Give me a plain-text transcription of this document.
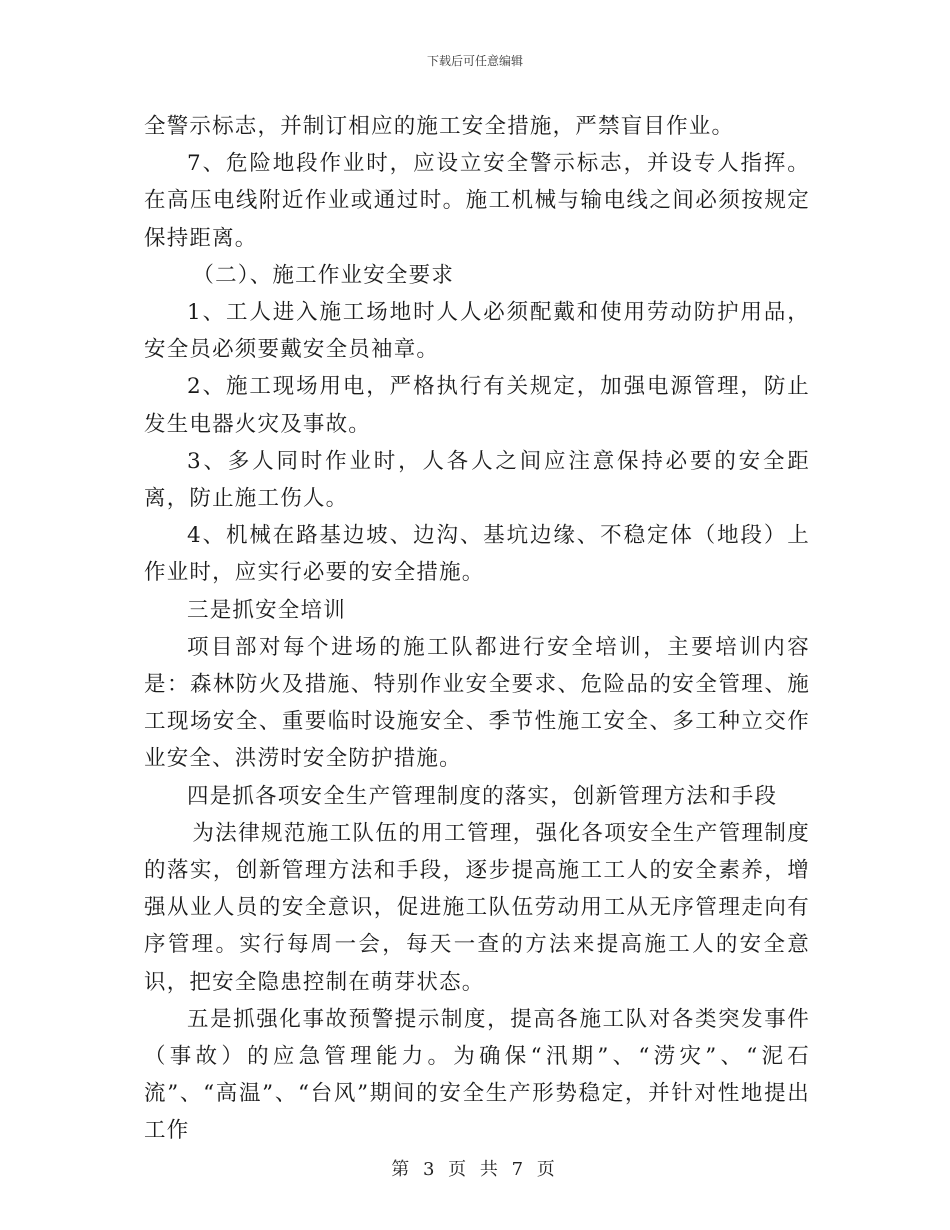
下载后可任意编辑

全警示标志，并制订相应的施工安全措施，严禁盲目作业。

7、危险地段作业时，应设立安全警示标志，并设专人指挥。在高压电线附近作业或通过时。施工机械与输电线之间必须按规定保持距离。

（二）、施工作业安全要求

1、工人进入施工场地时人人必须配戴和使用劳动防护用品，安全员必须要戴安全员袖章。

2、施工现场用电，严格执行有关规定，加强电源管理，防止发生电器火灾及事故。

3、多人同时作业时，人各人之间应注意保持必要的安全距离，防止施工伤人。

4、机械在路基边坡、边沟、基坑边缘、不稳定体（地段）上作业时，应实行必要的安全措施。

三是抓安全培训

项目部对每个进场的施工队都进行安全培训，主要培训内容是：森林防火及措施、特别作业安全要求、危险品的安全管理、施工现场安全、重要临时设施安全、季节性施工安全、多工种立交作业安全、洪涝时安全防护措施。

四是抓各项安全生产管理制度的落实，创新管理方法和手段

为法律规范施工队伍的用工管理，强化各项安全生产管理制度的落实，创新管理方法和手段，逐步提高施工工人的安全素养，增强从业人员的安全意识，促进施工队伍劳动用工从无序管理走向有序管理。实行每周一会，每天一查的方法来提高施工人的安全意识，把安全隐患控制在萌芽状态。

五是抓强化事故预警提示制度，提高各施工队对各类突发事件（事故）的应急管理能力。为确保“汛期”、“涝灾”、“泥石流”、“高温”、“台风”期间的安全生产形势稳定，并针对性地提出工作

第 3 页 共 7 页
